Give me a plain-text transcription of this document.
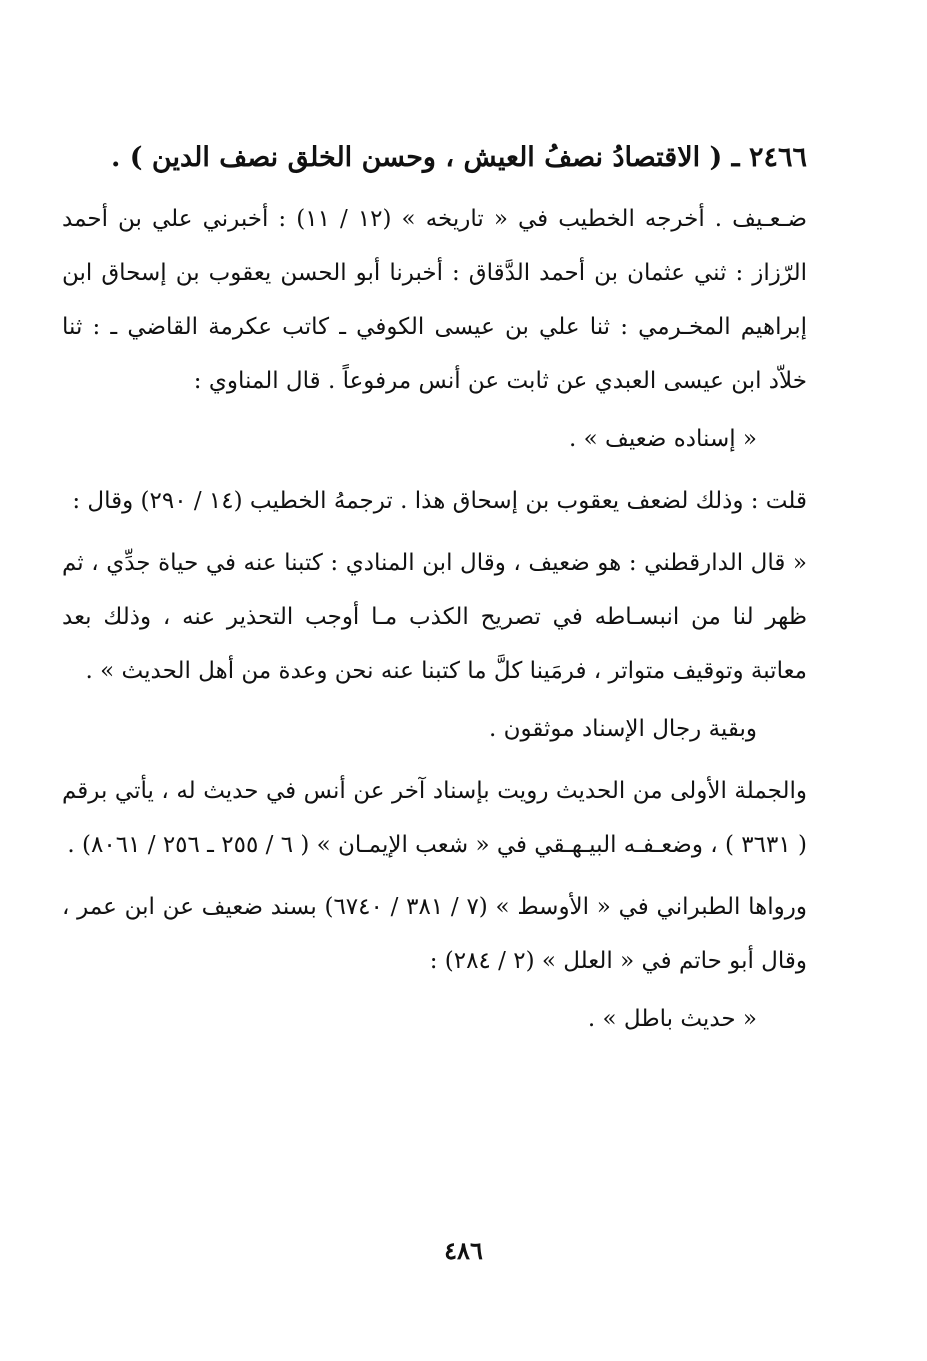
٢٤٦٦ ـ ( الاقتصادُ نصفُ العيش ، وحسن الخلق نصف الدين ) .

ضـعـيف . أخرجه الخطيب في « تاريخه » (١٢ / ١١) : أخبرني علي بن أحمد الرّزاز : ثني عثمان بن أحمد الدَّقاق : أخبرنا أبو الحسن يعقوب بن إسحاق ابن إبراهيم المخـرمي : ثنا علي بن عيسى الكوفي ـ كاتب عكرمة القاضي ـ : ثنا خلاّد ابن عيسى العبدي عن ثابت عن أنس مرفوعاً . قال المناوي :

« إسناده ضعيف » .

قلت : وذلك لضعف يعقوب بن إسحاق هذا . ترجمهُ الخطيب (١٤ / ٢٩٠) وقال :

« قال الدارقطني : هو ضعيف ، وقال ابن المنادي : كتبنا عنه في حياة جدِّي ، ثم ظهر لنا من انبسـاطه في تصريح الكذب مـا أوجب التحذير عنه ، وذلك بعد معاتبة وتوقيف متواتر ، فرمَينا كلَّ ما كتبنا عنه نحن وعدة من أهل الحديث » .

وبقية رجال الإسناد موثقون .

والجملة الأولى من الحديث رويت بإسناد آخر عن أنس في حديث له ، يأتي برقم ( ٣٦٣١ ) ، وضعـفـه البيـهـقي في « شعب الإيمـان » ( ٦ / ٢٥٥ ـ ٢٥٦ / ٨٠٦١) .

ورواها الطبراني في « الأوسط » (٧ / ٣٨١ / ٦٧٤٠) بسند ضعيف عن ابن عمر ، وقال أبو حاتم في « العلل » (٢ / ٢٨٤) :

« حديث باطل » .

٤٨٦
